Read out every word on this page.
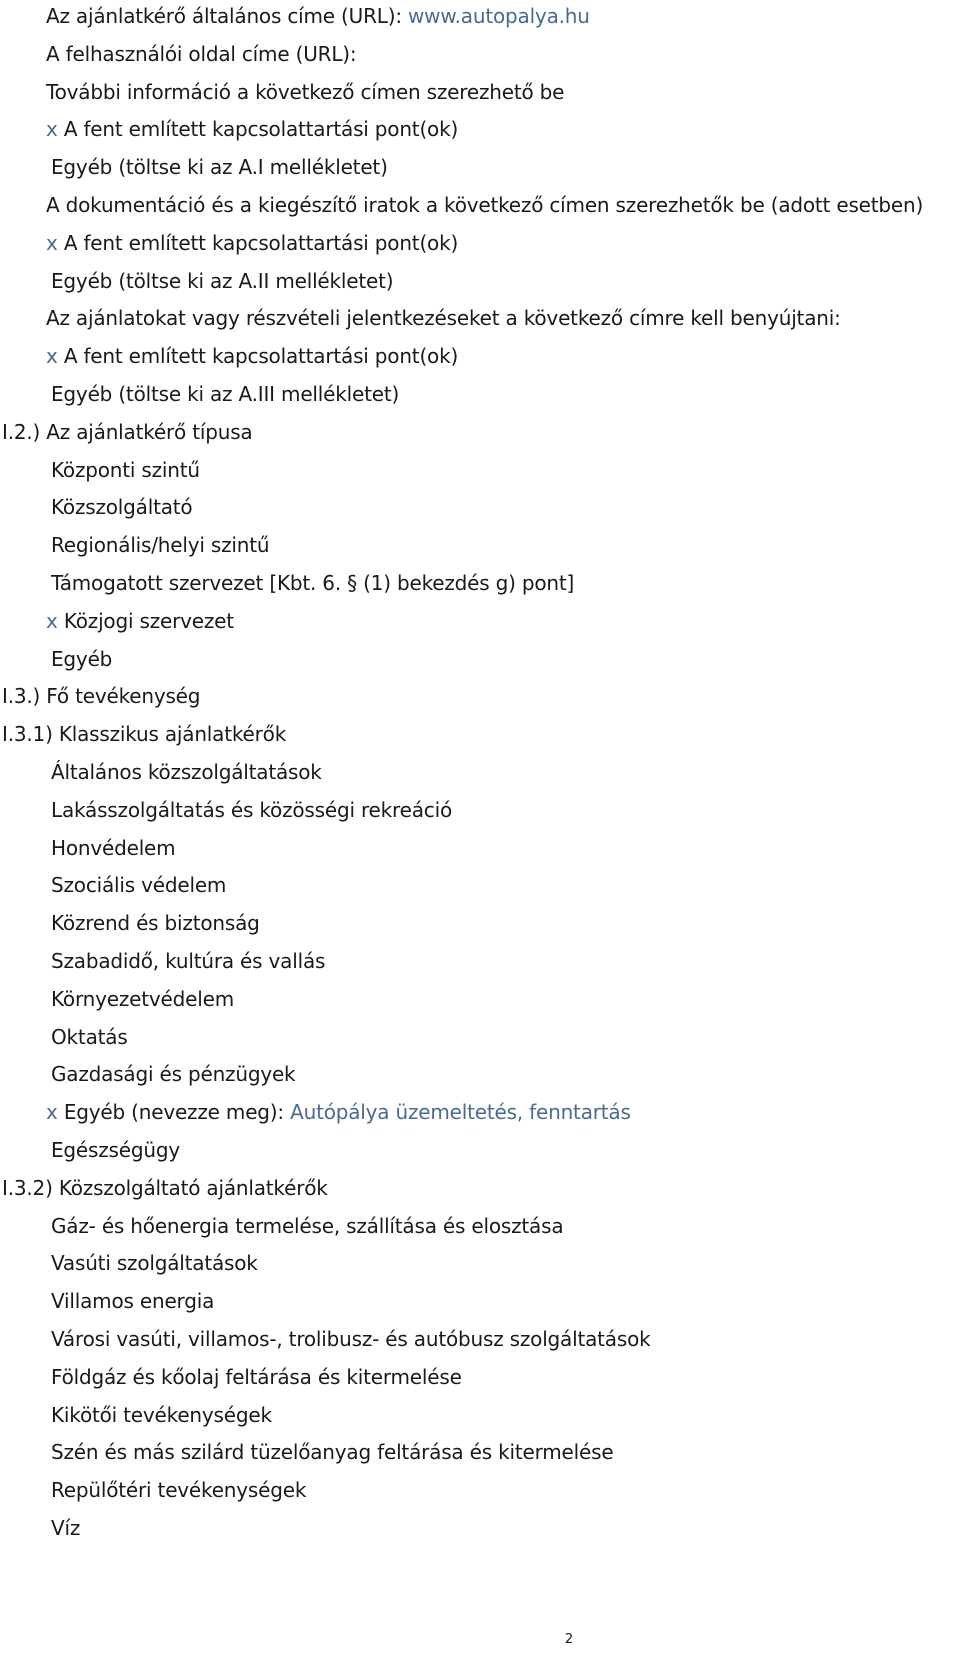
Az ajánlatkérő általános címe (URL): www.autopalya.hu
A felhasználói oldal címe (URL):
További információ a következő címen szerezhető be
x A fent említett kapcsolattartási pont(ok)
Egyéb (töltse ki az A.I mellékletet)
A dokumentáció és a kiegészítő iratok a következő címen szerezhetők be (adott esetben)
x A fent említett kapcsolattartási pont(ok)
Egyéb (töltse ki az A.II mellékletet)
Az ajánlatokat vagy részvételi jelentkezéseket a következő címre kell benyújtani:
x A fent említett kapcsolattartási pont(ok)
Egyéb (töltse ki az A.III mellékletet)
I.2.) Az ajánlatkérő típusa
Központi szintű
Közszolgáltató
Regionális/helyi szintű
Támogatott szervezet [Kbt. 6. § (1) bekezdés g) pont]
x Közjogi szervezet
Egyéb
I.3.) Fő tevékenység
I.3.1) Klasszikus ajánlatkérők
Általános közszolgáltatások
Lakásszolgáltatás és közösségi rekreáció
Honvédelem
Szociális védelem
Közrend és biztonság
Szabadidő, kultúra és vallás
Környezetvédelem
Oktatás
Gazdasági és pénzügyek
x Egyéb (nevezze meg): Autópálya üzemeltetés, fenntartás
Egészségügy
I.3.2) Közszolgáltató ajánlatkérők
Gáz- és hőenergia termelése, szállítása és elosztása
Vasúti szolgáltatások
Villamos energia
Városi vasúti, villamos-, trolibusz- és autóbusz szolgáltatások
Földgáz és kőolaj feltárása és kitermelése
Kikötői tevékenységek
Szén és más szilárd tüzelőanyag feltárása és kitermelése
Repülőtéri tevékenységek
Víz
2
